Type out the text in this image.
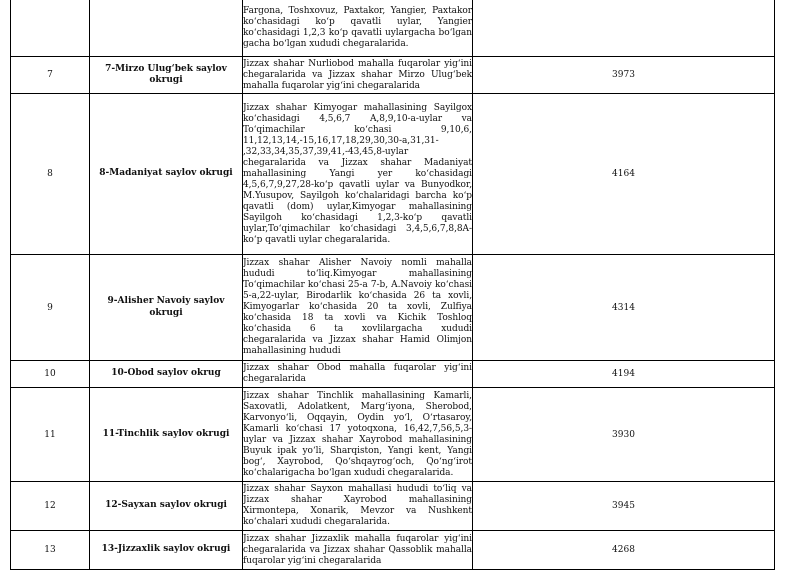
		Fargona, Toshxovuz, Paxtakor, Yangier, Paxtakor ko‘chasidagi ko‘p qavatli uylar, Yangier ko‘chasidagi 1,2,3 ko‘p qavatli uylargacha bo‘lgan gacha bo‘lgan xududi chegaralarida.	

7	7-Mirzo Ulug‘bek saylov okrugi	Jizzax shahar Nurliobod mahalla fuqarolar yig‘ini chegaralarida va Jizzax shahar Mirzo Ulug‘bek mahalla fuqarolar yig‘ini chegaralarida	3973
8	8-Madaniyat saylov okrugi	Jizzax shahar Kimyogar mahallasining Sayilgox ko‘chasidagi 4,5,6,7 A,8,9,10-a-uylar va To‘qimachilar ko‘chasi 9,10,6, 11,12,13,14,-15,16,17,18,29,30,30-a,31,31- ,32,33,34,35,37,39,41,-43,45,8-uylar chegaralarida va Jizzax shahar Madaniyat mahallasining Yangi yer ko‘chasidagi 4,5,6,7,9,27,28-ko‘p qavatli uylar va Bunyodkor, M.Yusupov, Sayilgoh ko‘chalaridagi barcha ko‘p qavatli (dom) uylar,Kimyogar mahallasining Sayilgoh ko‘chasidagi 1,2,3-ko‘p qavatli uylar,To‘qimachilar ko‘chasidagi 3,4,5,6,7,8,8A-ko‘p qavatli uylar chegaralarida.	4164
9	9-Alisher Navoiy saylov okrugi	Jizzax shahar Alisher Navoiy nomli mahalla hududi to‘liq.Kimyogar mahallasining To‘qimachilar ko‘chasi 25-a 7-b, A.Navoiy ko‘chasi 5-a,22-uylar, Birodarlik ko‘chasida 26 ta xovli, Kimyogarlar ko‘chasida 20 ta xovli, Zulfiya ko‘chasida 18 ta xovli va Kichik Toshloq ko‘chasida 6 ta xovlilargacha xududi chegaralarida va Jizzax shahar Hamid Olimjon mahallasining hududi	4314
10	10-Obod saylov okrug	Jizzax shahar Obod mahalla fuqarolar yig‘ini chegaralarida	4194
11	11-Tinchlik saylov okrugi	Jizzax shahar Tinchlik mahallasining Kamarli, Saxovatli, Adolatkent, Marg‘iyona, Sherobod, Karvonyo‘li, Oqqayin, Oydin yo‘l, O‘rtasaroy, Kamarli ko‘chasi 17 yotoqxona, 16,42,7,56,5,3- uylar va Jizzax shahar Xayrobod mahallasining Buyuk ipak yo‘li, Sharqiston, Yangi kent, Yangi bog‘, Xayrobod, Qo‘shqayrog‘och, Qo‘ng‘irot ko‘chalarigacha bo‘lgan xududi chegaralarida.	3930
12	12-Sayxan saylov okrugi	Jizzax shahar Sayxon mahallasi hududi to‘liq va Jizzax shahar Xayrobod mahallasining Xirmontepa, Xonarik, Mevzor va Nushkent ko‘chalari xududi chegaralarida.	3945
13	13-Jizzaxlik saylov okrugi	Jizzax shahar Jizzaxlik mahalla fuqarolar yig‘ini chegaralarida va Jizzax shahar Qassoblik mahalla fuqarolar yig‘ini chegaralarida	4268
